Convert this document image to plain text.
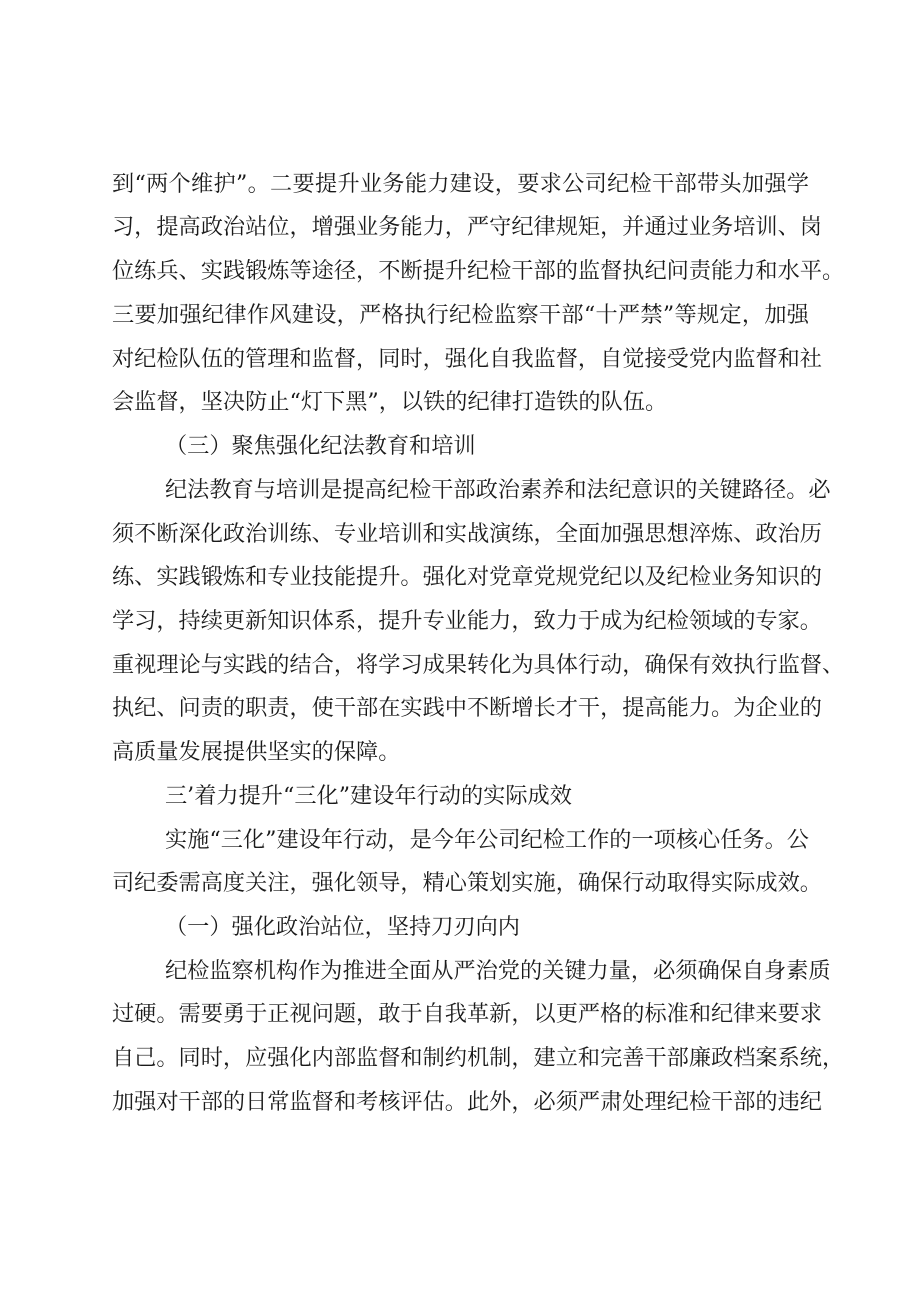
到“两个维护”。二要提升业务能力建设，要求公司纪检干部带头加强学
习，提高政治站位，增强业务能力，严守纪律规矩，并通过业务培训、岗
位练兵、实践锻炼等途径，不断提升纪检干部的监督执纪问责能力和水平。
三要加强纪律作风建设，严格执行纪检监察干部“十严禁”等规定，加强
对纪检队伍的管理和监督，同时，强化自我监督，自觉接受党内监督和社
会监督，坚决防止“灯下黑”，以铁的纪律打造铁的队伍。
（三）聚焦强化纪法教育和培训
纪法教育与培训是提高纪检干部政治素养和法纪意识的关键路径。必
须不断深化政治训练、专业培训和实战演练，全面加强思想淬炼、政治历
练、实践锻炼和专业技能提升。强化对党章党规党纪以及纪检业务知识的
学习，持续更新知识体系，提升专业能力，致力于成为纪检领域的专家。
重视理论与实践的结合，将学习成果转化为具体行动，确保有效执行监督、
执纪、问责的职责，使干部在实践中不断增长才干，提高能力。为企业的
高质量发展提供坚实的保障。
三’着力提升“三化”建设年行动的实际成效
实施“三化”建设年行动，是今年公司纪检工作的一项核心任务。公
司纪委需高度关注，强化领导，精心策划实施，确保行动取得实际成效。
（一）强化政治站位，坚持刀刃向内
纪检监察机构作为推进全面从严治党的关键力量，必须确保自身素质
过硬。需要勇于正视问题，敢于自我革新，以更严格的标准和纪律来要求
自己。同时，应强化内部监督和制约机制，建立和完善干部廉政档案系统，
加强对干部的日常监督和考核评估。此外，必须严肃处理纪检干部的违纪
